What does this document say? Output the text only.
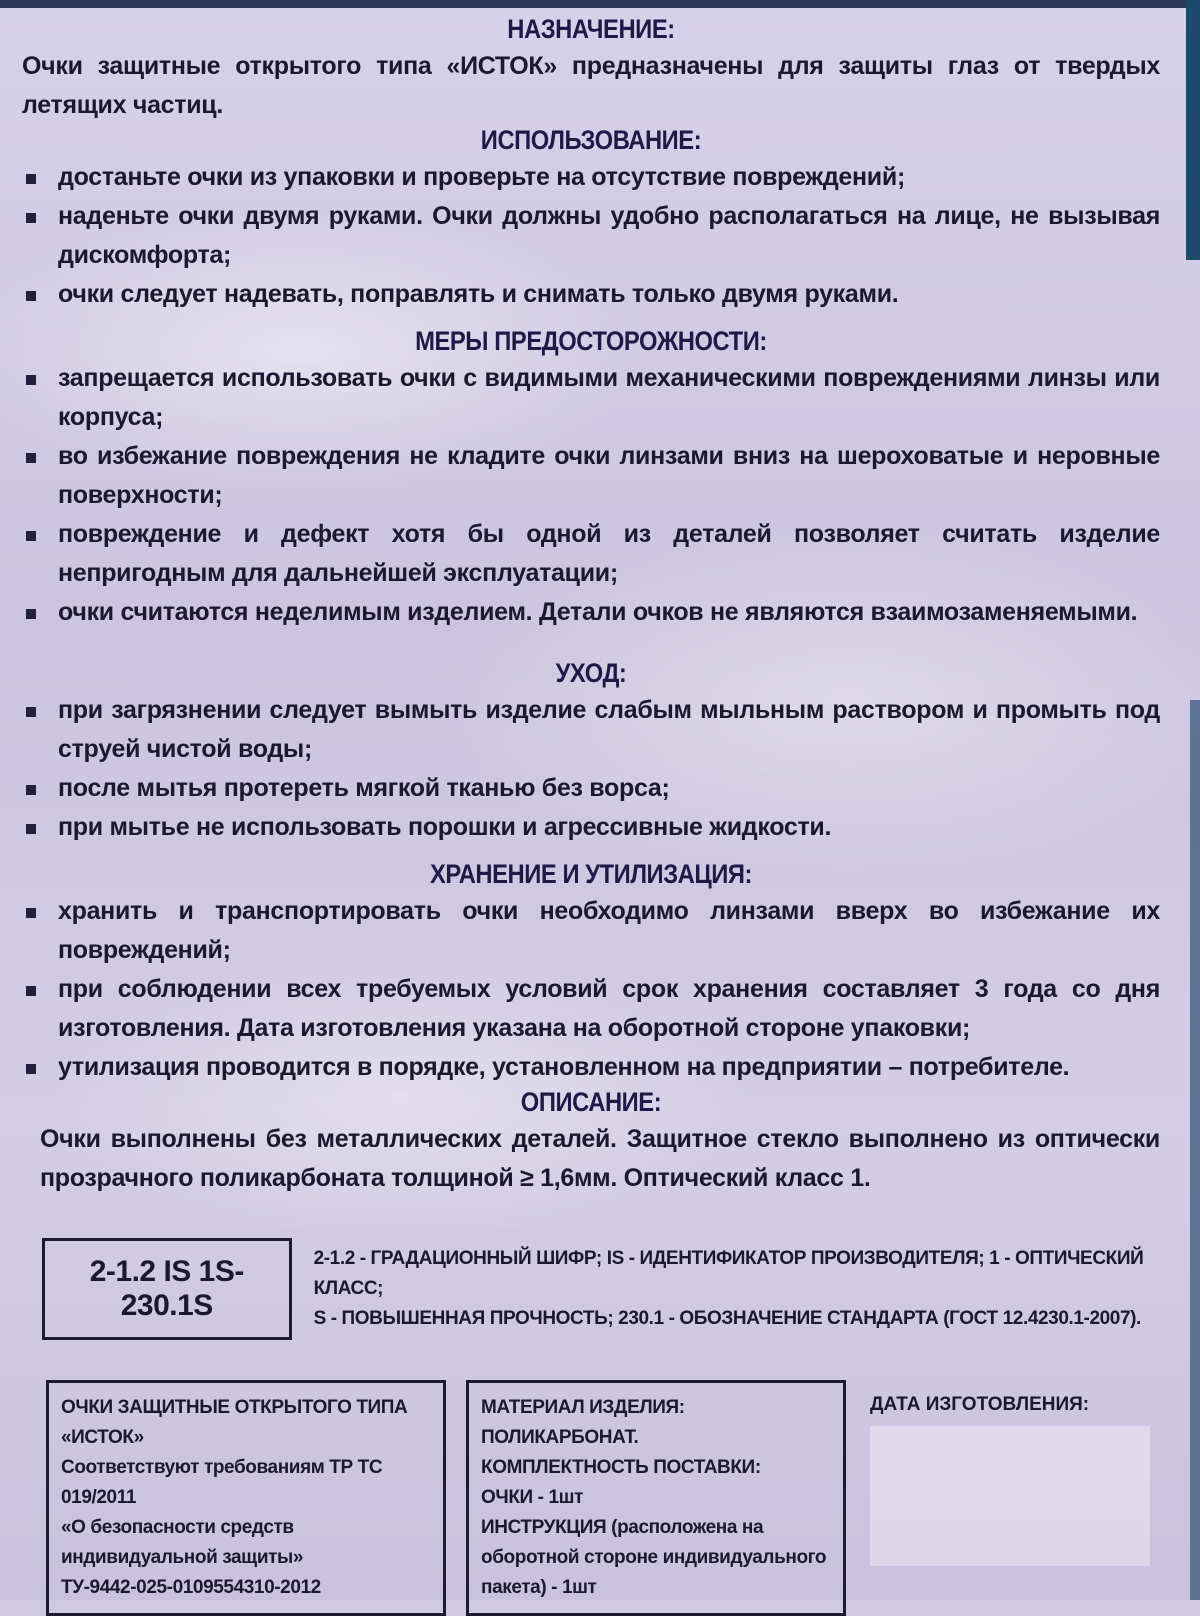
НАЗНАЧЕНИЕ:

Очки защитные открытого типа «ИСТОК» предназначены для защиты глаз от твердых летящих частиц.

ИСПОЛЬЗОВАНИЕ:
достаньте очки из упаковки и проверьте на отсутствие повреждений;
наденьте очки двумя руками. Очки должны удобно располагаться на лице, не вызывая дискомфорта;
очки следует надевать, поправлять и снимать только двумя руками.
МЕРЫ ПРЕДОСТОРОЖНОСТИ:
запрещается использовать очки с видимыми механическими повреждениями линзы или корпуса;
во избежание повреждения не кладите очки линзами вниз на шероховатые и неровные поверхности;
повреждение и дефект хотя бы одной из деталей позволяет считать изделие непригодным для дальнейшей эксплуатации;
очки считаются неделимым изделием. Детали очков не являются взаимозаменяемыми.
УХОД:
при загрязнении следует вымыть изделие слабым мыльным раствором и промыть под струей чистой воды;
после мытья протереть мягкой тканью без ворса;
при мытье не использовать порошки и агрессивные жидкости.
ХРАНЕНИЕ И УТИЛИЗАЦИЯ:
хранить и транспортировать очки необходимо линзами вверх во избежание их повреждений;
при соблюдении всех требуемых условий срок хранения составляет 3 года со дня изготовления. Дата изготовления указана на оборотной стороне упаковки;
утилизация проводится в порядке, установленном на предприятии – потребителе.
ОПИСАНИЕ:

Очки выполнены без металлических деталей. Защитное стекло выполнено из оптически прозрачного поликарбоната толщиной ≥ 1,6мм. Оптический класс 1.

2-1.2 IS 1S-230.1S
2-1.2 - ГРАДАЦИОННЫЙ ШИФР; IS - ИДЕНТИФИКАТОР ПРОИЗВОДИТЕЛЯ; 1 - ОПТИЧЕСКИЙ КЛАСС;
S - ПОВЫШЕННАЯ ПРОЧНОСТЬ; 230.1 - ОБОЗНАЧЕНИЕ СТАНДАРТА (ГОСТ 12.4230.1-2007).
ОЧКИ ЗАЩИТНЫЕ ОТКРЫТОГО ТИПА «ИСТОК»
Соответствуют требованиям ТР ТС 019/2011
«О безопасности средств индивидуальной защиты»
ТУ-9442-025-0109554310-2012
МАТЕРИАЛ ИЗДЕЛИЯ: ПОЛИКАРБОНАТ.
КОМПЛЕКТНОСТЬ ПОСТАВКИ:
ОЧКИ - 1шт
ИНСТРУКЦИЯ (расположена на оборотной стороне индивидуального пакета) - 1шт
ДАТА ИЗГОТОВЛЕНИЯ:
